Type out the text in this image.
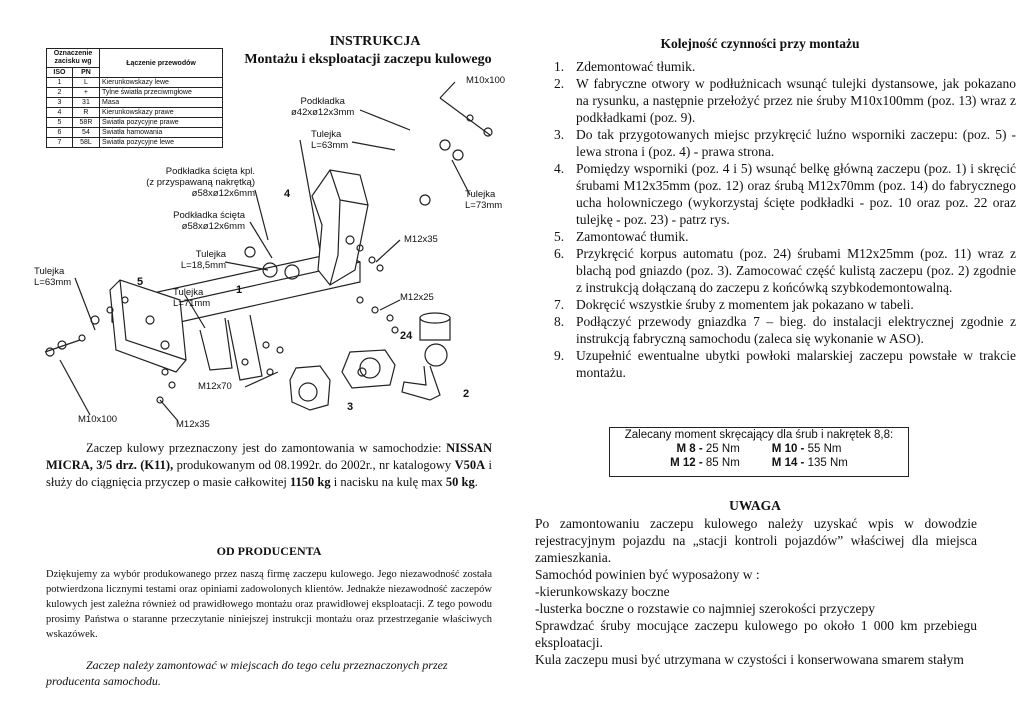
INSTRUKCJA
Montażu i eksploatacji zaczepu kulowego
Oznaczenie zacisku wg		Łączenie przewodów
ISO	PN	
1	L	Kierunkowskazy lewe
2	+	Tylne światła przeciwmgłowe
3	31	Masa
4	R	Kierunkowskazy prawe
5	58R	Światła pozycyjne prawe
6	54	Światła hamowania
7	58L	Światła pozycyjne lewe
M10x100
Podkładka
ø42xø12x3mm
Tulejka
L=63mm
Tulejka
L=73mm
Podkładka ścięta kpl.
(z przyspawaną nakrętką)
ø58xø12x6mm
Podkładka ścięta
ø58xø12x6mm
M12x35
Tulejka
L=18,5mm
Tulejka
L=63mm
Tulejka
L=71mm
M12x25
M12x70
M10x100	M12x35
1
2
3
4
5
24
Zaczep kulowy przeznaczony jest do zamontowania w samochodzie: NISSAN MICRA, 3/5 drz. (K11), produkowanym od 08.1992r. do 2002r., nr katalogowy V50A i służy do ciągnięcia przyczep o masie całkowitej 1150 kg i nacisku na kulę max 50 kg.
OD PRODUCENTA
Dziękujemy za wybór produkowanego przez naszą firmę zaczepu kulowego. Jego niezawodność została potwierdzona licznymi testami oraz opiniami zadowolonych klientów. Jednakże niezawodność zaczepów kulowych jest zależna również od prawidłowego montażu oraz prawidłowej eksploatacji. Z tego powodu prosimy Państwa o staranne przeczytanie niniejszej instrukcji montażu oraz przestrzeganie właściwych wskazówek.
Zaczep należy zamontować w miejscach do tego celu przeznaczonych przez producenta samochodu.
Kolejność czynności przy montażu
1. Zdemontować tłumik.
2. W fabryczne otwory w podłużnicach wsunąć tulejki dystansowe, jak pokazano na rysunku, a następnie przełożyć przez nie śruby M10x100mm (poz. 13) wraz z podkładkami (poz. 9).
3. Do tak przygotowanych miejsc przykręcić luźno wsporniki zaczepu: (poz. 5) - lewa strona i (poz. 4) - prawa strona.
4. Pomiędzy wsporniki (poz. 4 i 5) wsunąć belkę główną zaczepu (poz. 1) i skręcić śrubami M12x35mm (poz. 12) oraz śrubą M12x70mm (poz. 14) do fabrycznego ucha holowniczego (wykorzystaj ścięte podkładki - poz. 10 oraz poz. 22 oraz tulejkę - poz. 23) - patrz rys.
5. Zamontować tłumik.
6. Przykręcić korpus automatu (poz. 24) śrubami M12x25mm (poz. 11) wraz z blachą pod gniazdo (poz. 3). Zamocować część kulistą zaczepu (poz. 2) zgodnie z instrukcją dołączaną do zaczepu z końcówką szybkodemontowalną.
7. Dokręcić wszystkie śruby z momentem jak pokazano w tabeli.
8. Podłączyć przewody gniazdka 7 – bieg. do instalacji elektrycznej zgodnie z instrukcją fabryczną samochodu (zaleca się wykonanie w ASO).
9. Uzupełnić ewentualne ubytki powłoki malarskiej zaczepu powstałe w trakcie montażu.
Zalecany moment skręcający dla śrub i nakrętek 8,8:
M 8 - 25 Nm	M 10 - 55 Nm
M 12 - 85 Nm	M 14 - 135 Nm
UWAGA

Po zamontowaniu zaczepu kulowego należy uzyskać wpis w dowodzie rejestracyjnym pojazdu na „stacji kontroli pojazdów” właściwej dla miejsca zamieszkania.

Samochód powinien być wyposażony w :

-kierunkowskazy boczne

-lusterka boczne o rozstawie co najmniej szerokości przyczepy

Sprawdzać śruby mocujące zaczepu kulowego po około 1 000 km przebiegu eksploatacji.

Kula zaczepu musi być utrzymana w czystości i konserwowana smarem stałym
